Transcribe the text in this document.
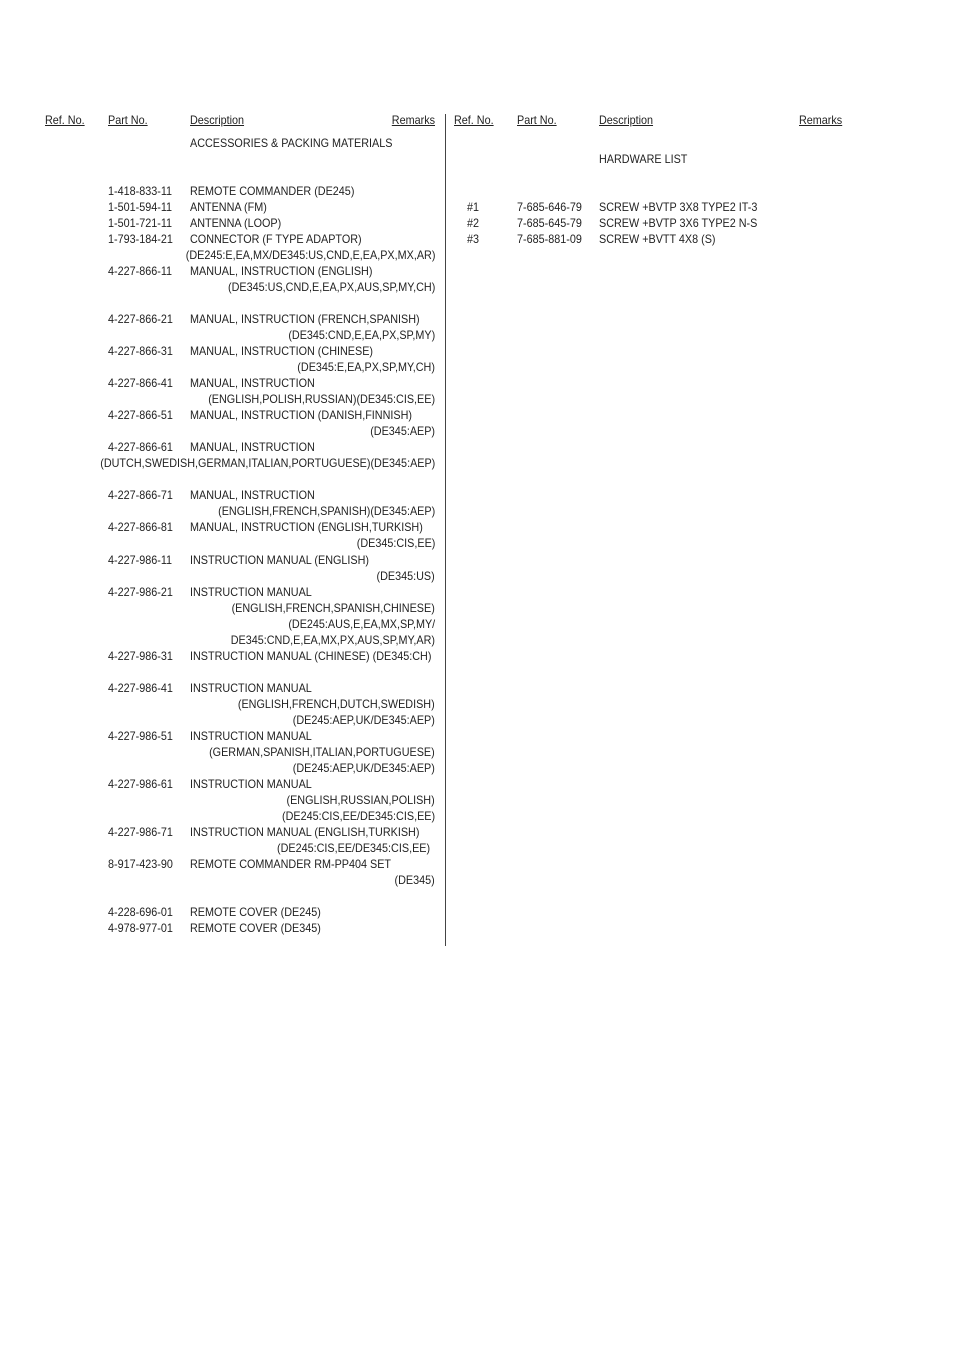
Ref. No. Part No.	Description	Remarks Ref. No. Part No.	Description	Remarks
ACCESSORIES & PACKING MATERIALS
1-418-833-11 REMOTE COMMANDER (DE245)
1-501-594-11 ANTENNA (FM)
1-501-721-11 ANTENNA (LOOP)
1-793-184-21 CONNECTOR (F TYPE ADAPTOR)
(DE245:E,EA,MX/DE345:US,CND,E,EA,PX,MX,AR)
4-227-866-11 MANUAL, INSTRUCTION (ENGLISH)
(DE345:US,CND,E,EA,PX,AUS,SP,MY,CH)
4-227-866-21 MANUAL, INSTRUCTION (FRENCH,SPANISH)
(DE345:CND,E,EA,PX,SP,MY)
4-227-866-31 MANUAL, INSTRUCTION (CHINESE)
(DE345:E,EA,PX,SP,MY,CH)
4-227-866-41 MANUAL, INSTRUCTION
(ENGLISH,POLISH,RUSSIAN)(DE345:CIS,EE)
4-227-866-51 MANUAL, INSTRUCTION (DANISH,FINNISH)
(DE345:AEP)
4-227-866-61 MANUAL, INSTRUCTION
(DUTCH,SWEDISH,GERMAN,ITALIAN,PORTUGUESE)(DE345:AEP)
4-227-866-71 MANUAL, INSTRUCTION
(ENGLISH,FRENCH,SPANISH)(DE345:AEP)
4-227-866-81 MANUAL, INSTRUCTION (ENGLISH,TURKISH)
(DE345:CIS,EE)
4-227-986-11 INSTRUCTION MANUAL (ENGLISH)
(DE345:US)
4-227-986-21 INSTRUCTION MANUAL
(ENGLISH,FRENCH,SPANISH,CHINESE)
(DE245:AUS,E,EA,MX,SP,MY/
DE345:CND,E,EA,MX,PX,AUS,SP,MY,AR)
4-227-986-31 INSTRUCTION MANUAL (CHINESE) (DE345:CH)
4-227-986-41 INSTRUCTION MANUAL
(ENGLISH,FRENCH,DUTCH,SWEDISH)
(DE245:AEP,UK/DE345:AEP)
4-227-986-51 INSTRUCTION MANUAL
(GERMAN,SPANISH,ITALIAN,PORTUGUESE)
(DE245:AEP,UK/DE345:AEP)
4-227-986-61 INSTRUCTION MANUAL
(ENGLISH,RUSSIAN,POLISH)
(DE245:CIS,EE/DE345:CIS,EE)
4-227-986-71 INSTRUCTION MANUAL (ENGLISH,TURKISH)
(DE245:CIS,EE/DE345:CIS,EE)
8-917-423-90 REMOTE COMMANDER RM-PP404 SET
(DE345)
4-228-696-01 REMOTE COVER (DE245)
4-978-977-01 REMOTE COVER (DE345)
HARDWARE LIST
#1	7-685-646-79 SCREW +BVTP 3X8 TYPE2 IT-3
#2	7-685-645-79 SCREW +BVTP 3X6 TYPE2 N-S
#3	7-685-881-09 SCREW +BVTT 4X8 (S)
